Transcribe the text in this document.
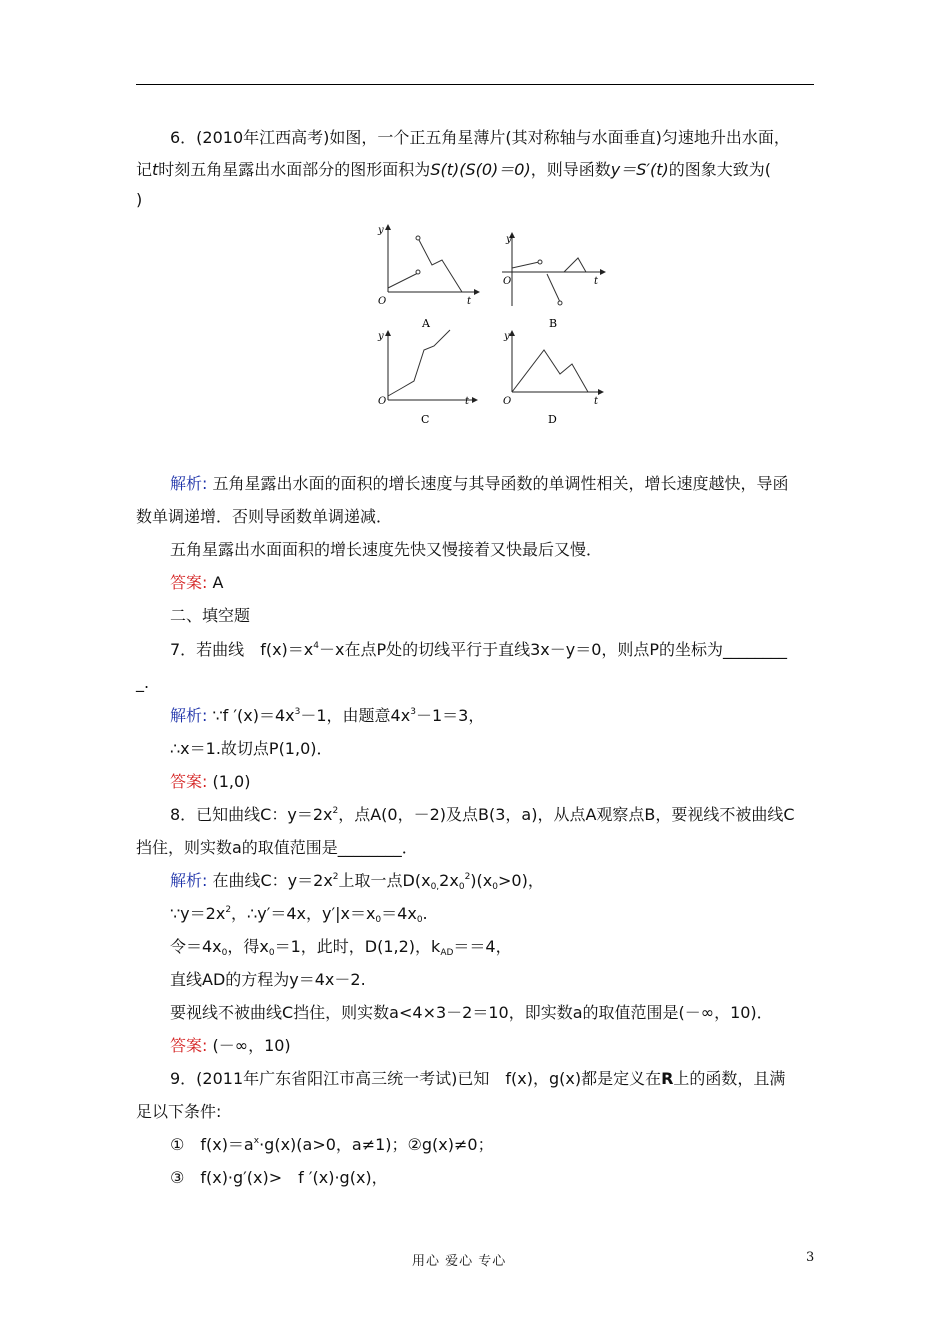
6．(2010年江西高考)如图，一个正五角星薄片(其对称轴与水面垂直)匀速地升出水面，
记t时刻五角星露出水面部分的图形面积为S(t)(S(0)＝0)，则导函数y＝S′(t)的图象大致为(
)
y
t
O
A
y
t
O
B
y
t
O
C
y
t
O
D
解析: 五角星露出水面的面积的增长速度与其导函数的单调性相关，增长速度越快，导函
数单调递增．否则导函数单调递减．
五角星露出水面面积的增长速度先快又慢接着又快最后又慢．
答案: A
二、填空题
7．若曲线　$f(x)=x^4-x$在点P处的切线平行于直线3x－y＝0，则点P的坐标为________
_.
解析: ∵f $'(x)=4x^3-1$，由题意$4x^3-1=3$，
∴x＝1.故切点P(1,0)．
答案: (1,0)
8．已知曲线C：$y=2x^2$，点A(0，－2)及点B(3，a)，从点A观察点B，要视线不被曲线C
挡住，则实数a的取值范围是________．
解析: 在曲线C：$y=2x^2$上取一点$D(x_{0,}2x_0^2)(x_0>0)$，
$\because y=2x^2$，∴y′＝4x，$y'|x=x_0=4x_0$.
令$=4x_0$，得$x_0=1$，此时，D(1,2)，$k_{AD}==4$，
直线AD的方程为y＝4x－2.
要视线不被曲线C挡住，则实数a<4×3－2＝10，即实数a的取值范围是(－∞，10)．
答案: (－∞，10)
9．(2011年广东省阳江市高三统一考试)已知　f(x)，g(x)都是定义在R上的函数，且满
足以下条件:
①　$f(x)=a^x\cdot g(x)(a>0$，a≠1)；②g(x)≠0；
③　f(x)·g′(x)>　f ′(x)·g(x)，
用心 爱心 专心	3
